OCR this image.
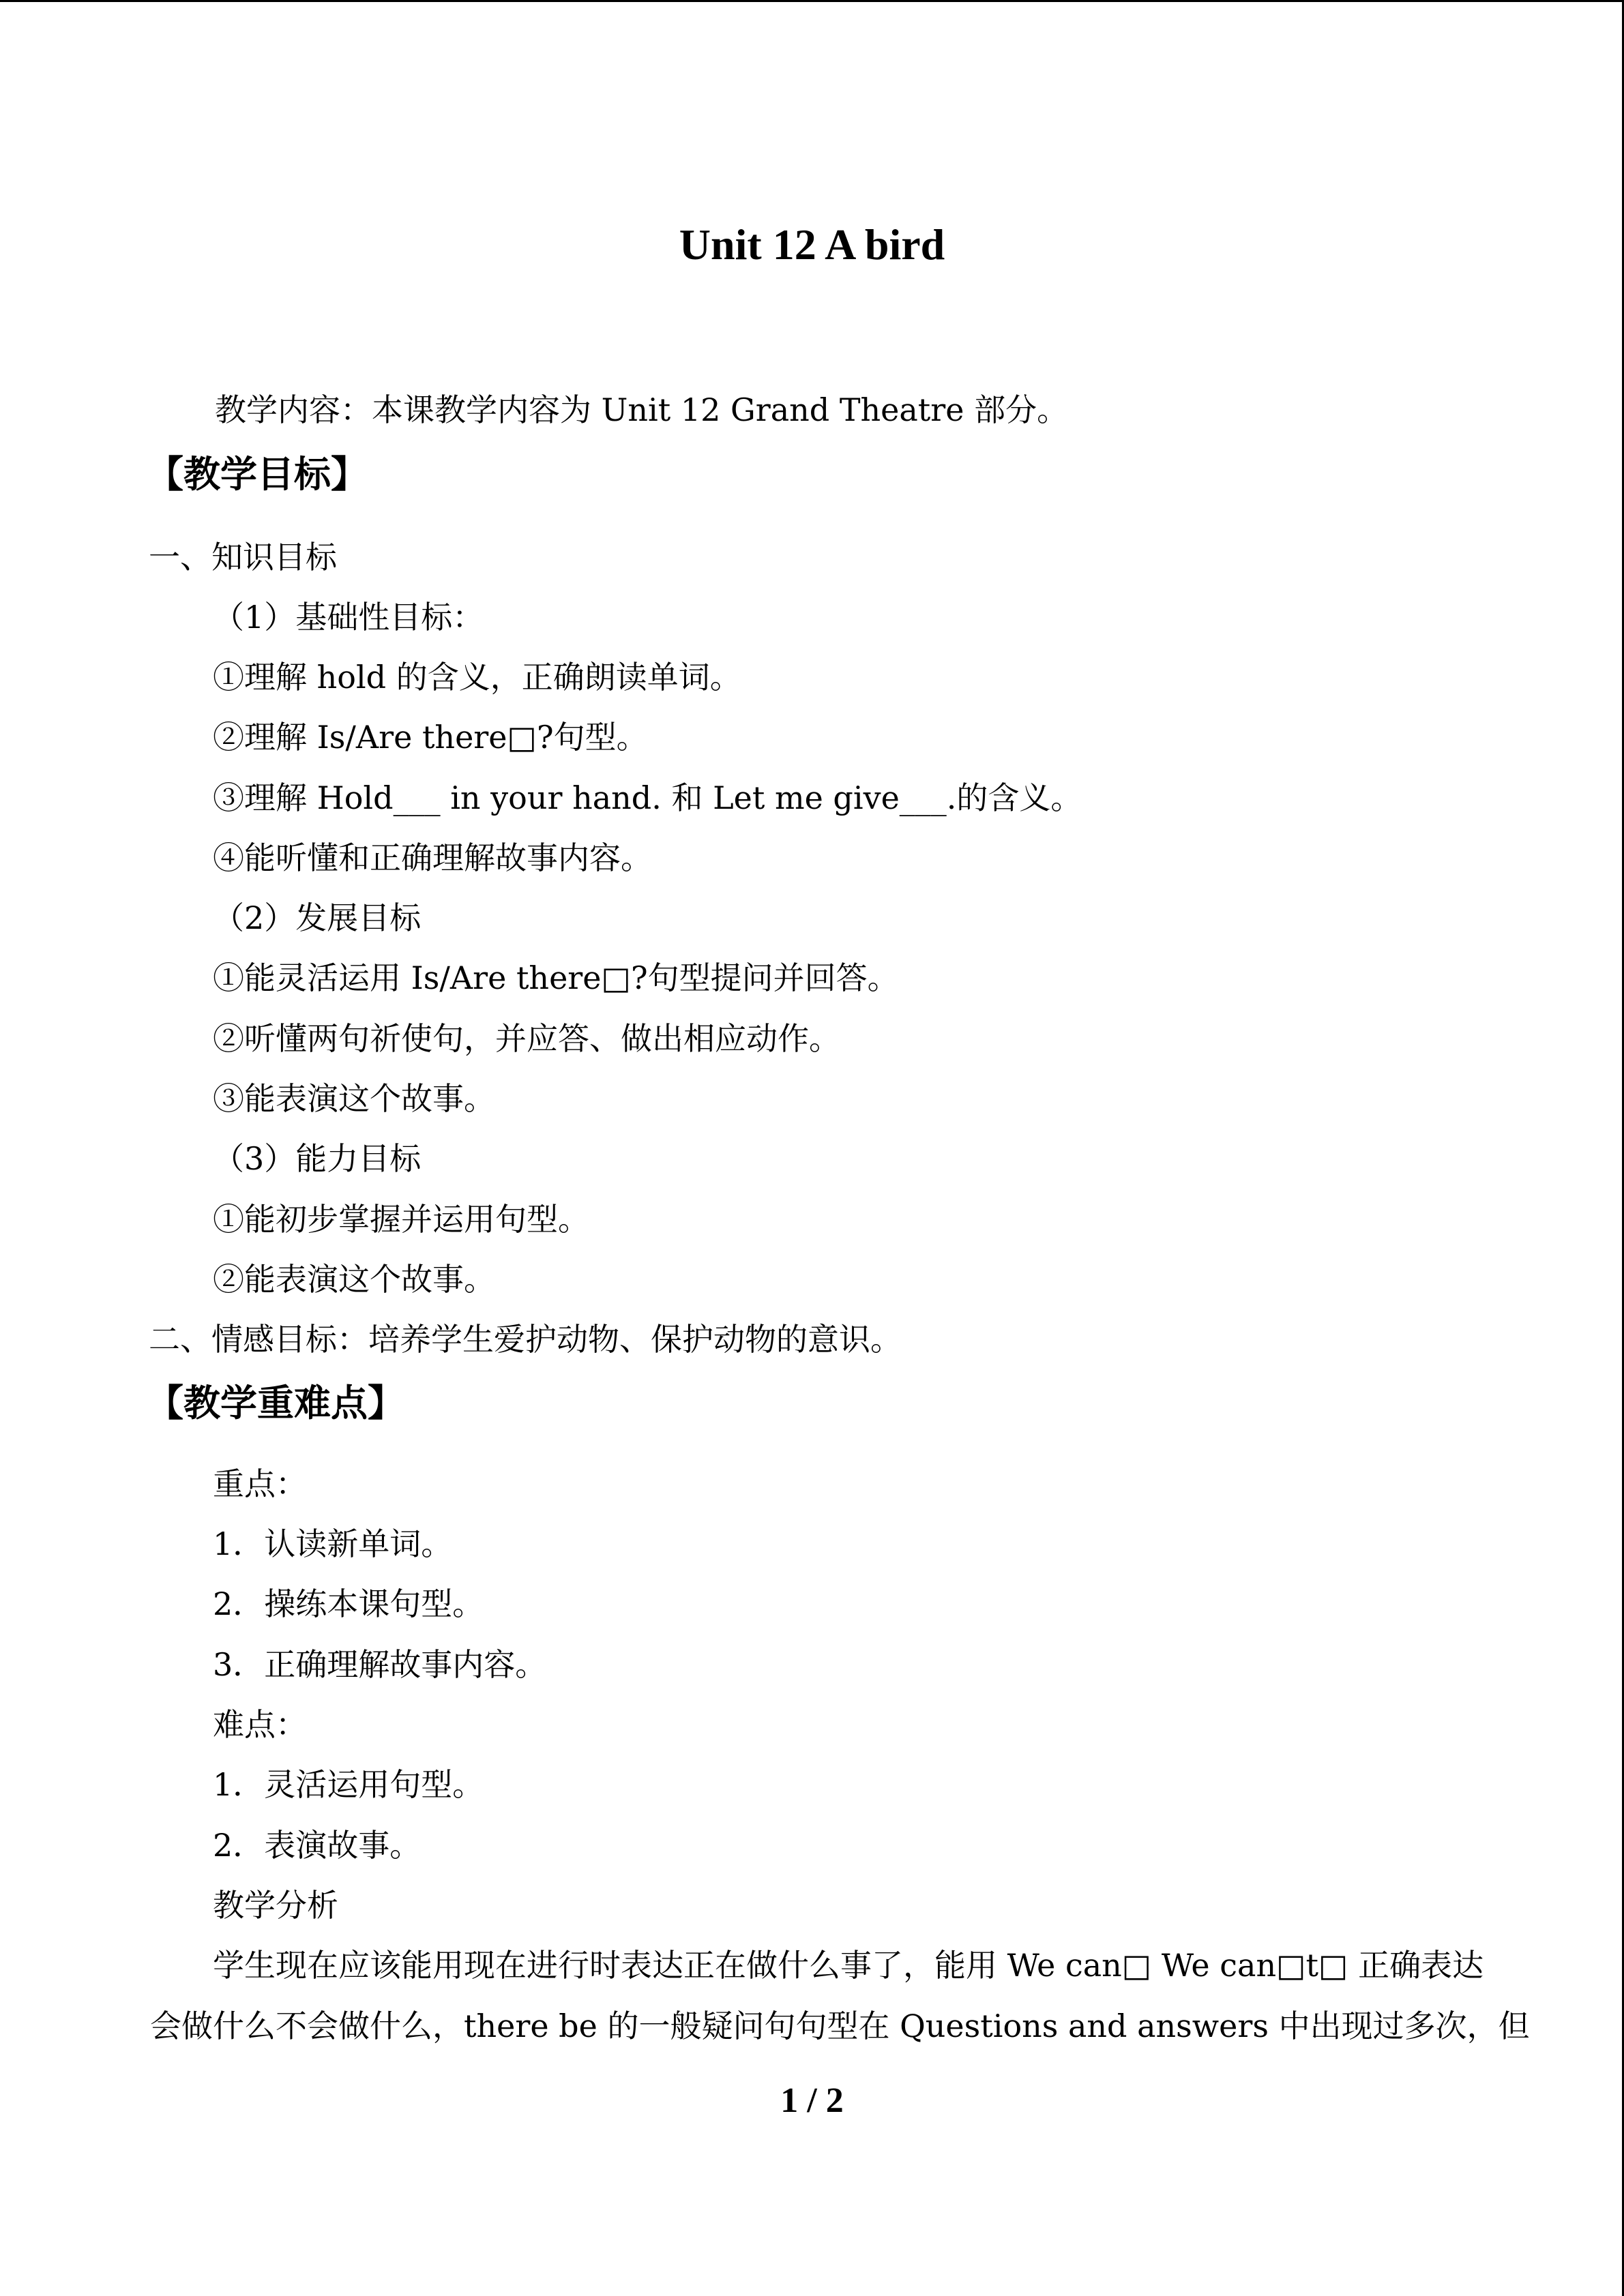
Unit 12 A bird
教学内容：本课教学内容为 Unit 12 Grand Theatre 部分。
【教学目标】
一、知识目标
（1）基础性目标：
①理解 hold 的含义，正确朗读单词。
②理解 Is/Are there□?句型。
③理解 Hold___ in your hand. 和 Let me give___.的含义。
④能听懂和正确理解故事内容。
（2）发展目标
①能灵活运用 Is/Are there□?句型提问并回答。
②听懂两句祈使句，并应答、做出相应动作。
③能表演这个故事。
（3）能力目标
①能初步掌握并运用句型。
②能表演这个故事。
二、情感目标：培养学生爱护动物、保护动物的意识。
【教学重难点】
重点：
1．认读新单词。
2．操练本课句型。
3．正确理解故事内容。
难点：
1．灵活运用句型。
2．表演故事。
教学分析
学生现在应该能用现在进行时表达正在做什么事了，能用 We can□ We can□t□ 正确表达
会做什么不会做什么，there be 的一般疑问句句型在 Questions and answers 中出现过多次，但
1 / 2
